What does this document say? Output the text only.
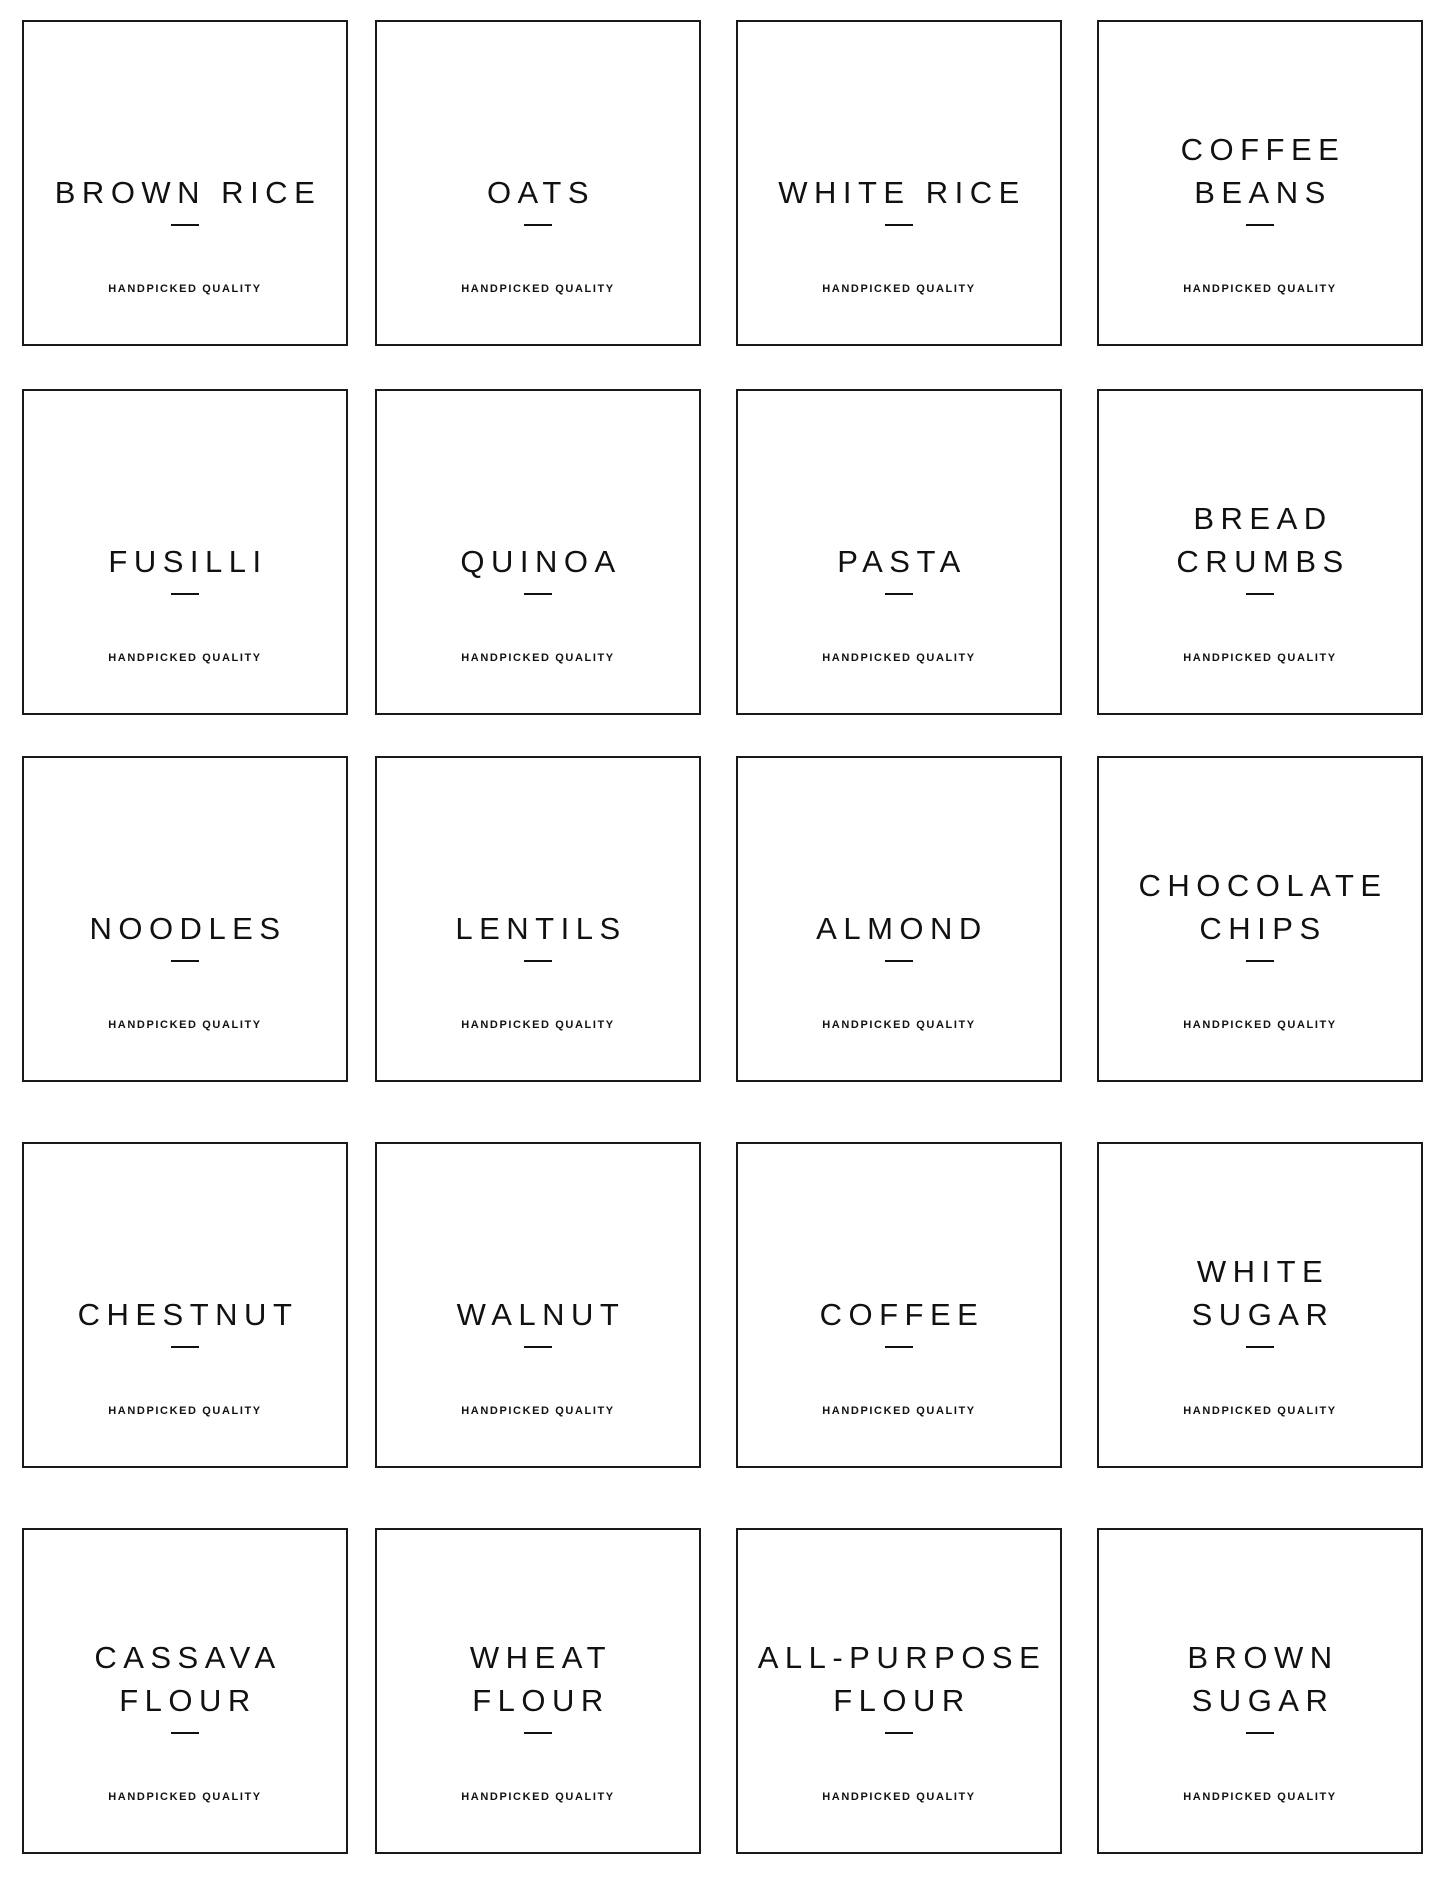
BROWN RICE
HANDPICKED QUALITY
OATS
HANDPICKED QUALITY
WHITE RICE
HANDPICKED QUALITY
COFFEE
BEANS
HANDPICKED QUALITY
FUSILLI
HANDPICKED QUALITY
QUINOA
HANDPICKED QUALITY
PASTA
HANDPICKED QUALITY
BREAD
CRUMBS
HANDPICKED QUALITY
NOODLES
HANDPICKED QUALITY
LENTILS
HANDPICKED QUALITY
ALMOND
HANDPICKED QUALITY
CHOCOLATE
CHIPS
HANDPICKED QUALITY
CHESTNUT
HANDPICKED QUALITY
WALNUT
HANDPICKED QUALITY
COFFEE
HANDPICKED QUALITY
WHITE
SUGAR
HANDPICKED QUALITY
CASSAVA
FLOUR
HANDPICKED QUALITY
WHEAT
FLOUR
HANDPICKED QUALITY
ALL-PURPOSE
FLOUR
HANDPICKED QUALITY
BROWN
SUGAR
HANDPICKED QUALITY
